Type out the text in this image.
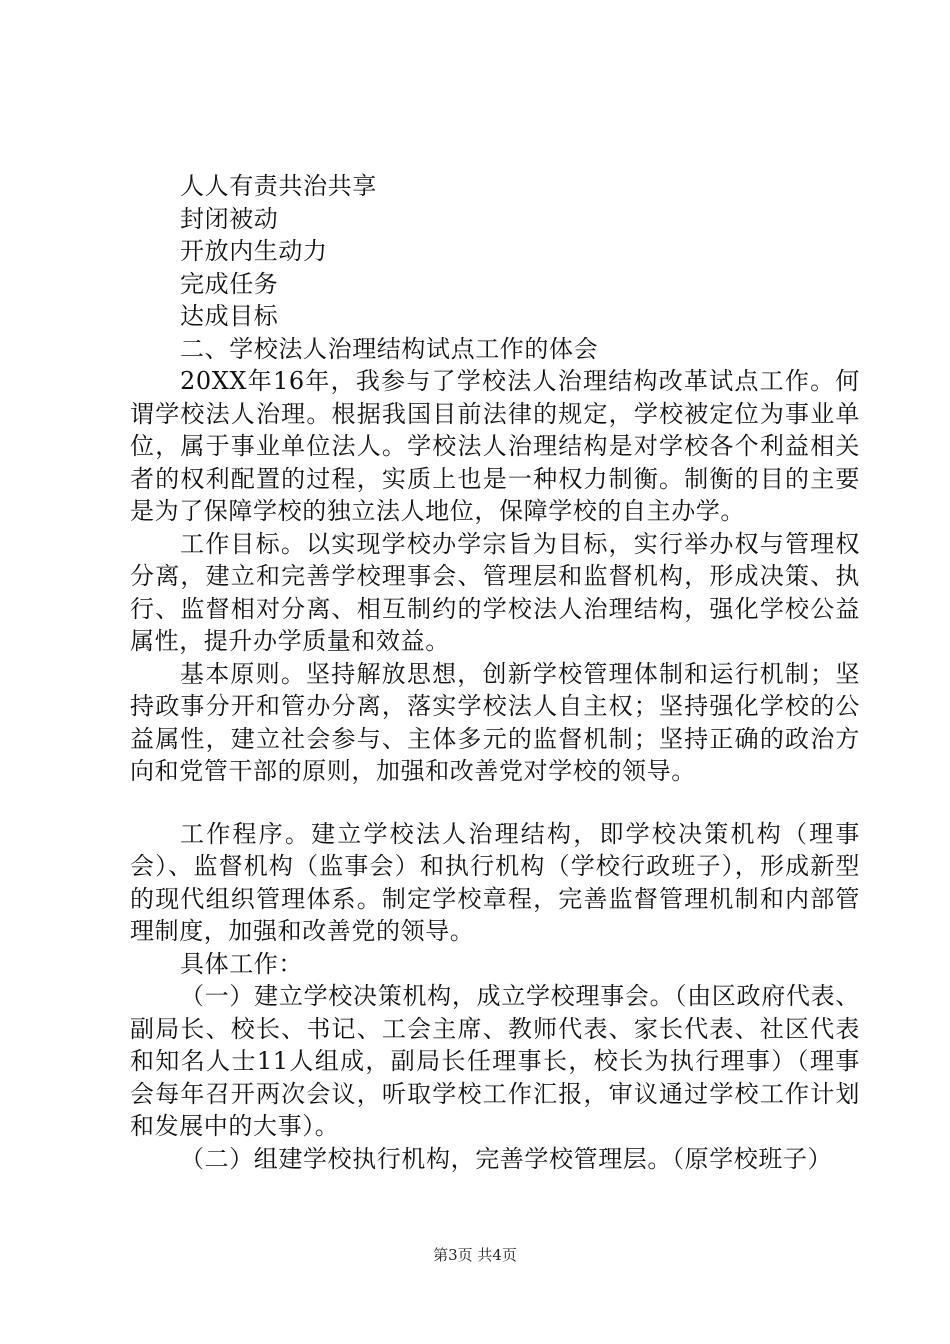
人人有责共治共享

封闭被动

开放内生动力

完成任务

达成目标

二、学校法人治理结构试点工作的体会

20XX年16年，我参与了学校法人治理结构改革试点工作。何谓学校法人治理。根据我国目前法律的规定，学校被定位为事业单位，属于事业单位法人。学校法人治理结构是对学校各个利益相关者的权利配置的过程，实质上也是一种权力制衡。制衡的目的主要是为了保障学校的独立法人地位，保障学校的自主办学。

工作目标。以实现学校办学宗旨为目标，实行举办权与管理权分离，建立和完善学校理事会、管理层和监督机构，形成决策、执行、监督相对分离、相互制约的学校法人治理结构，强化学校公益属性，提升办学质量和效益。

基本原则。坚持解放思想，创新学校管理体制和运行机制；坚持政事分开和管办分离，落实学校法人自主权；坚持强化学校的公益属性，建立社会参与、主体多元的监督机制；坚持正确的政治方向和党管干部的原则，加强和改善党对学校的领导。

工作程序。建立学校法人治理结构，即学校决策机构（理事会）、监督机构（监事会）和执行机构（学校行政班子），形成新型的现代组织管理体系。制定学校章程，完善监督管理机制和内部管理制度，加强和改善党的领导。

具体工作：

（一）建立学校决策机构，成立学校理事会。（由区政府代表、副局长、校长、书记、工会主席、教师代表、家长代表、社区代表和知名人士11人组成，副局长任理事长，校长为执行理事）（理事会每年召开两次会议，听取学校工作汇报，审议通过学校工作计划和发展中的大事）。

（二）组建学校执行机构，完善学校管理层。（原学校班子）

第3页 共4页
